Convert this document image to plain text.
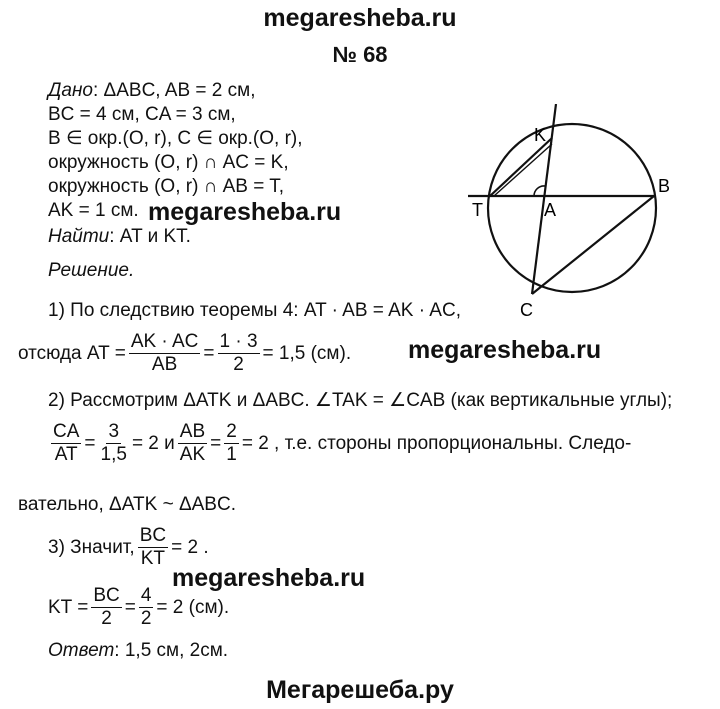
megaresheba.ru
№ 68
Дано: ΔABC, AB = 2 см,
BC = 4 см, CA = 3 см,
B ∈ окр.(O, r), C ∈ окр.(O, r),
окружность (O, r) ∩ AC = K,
окружность (O, r) ∩ AB = T,
AK = 1 см. megaresheba.ru
Найти: AT и KT.
Решение.
K
B
T	A
C
1) По следствию теоремы 4: AT · AB = AK · AC,
отсюда AT = $\frac{AK \cdot AC}{AB} = \frac{1 \cdot 3}{2} = 1,5$ (см). megaresheba.ru
2) Рассмотрим ΔATK и ΔABC. ∠TAK = ∠CAB (как вертикальные углы);
$\frac{CA}{AT} = \frac{3}{1,5} = 2$ и $\frac{AB}{AK} = \frac{2}{1} = 2$ , т.е. стороны пропорциональны. Следо-
вательно, ΔATK ~ ΔABC.
3) Значит, $\frac{BC}{KT} = 2$ .
megaresheba.ru
KT = $\frac{BC}{2} = \frac{4}{2} = 2$ (см).
Ответ: 1,5 см, 2см.
Мегарешеба.ру
